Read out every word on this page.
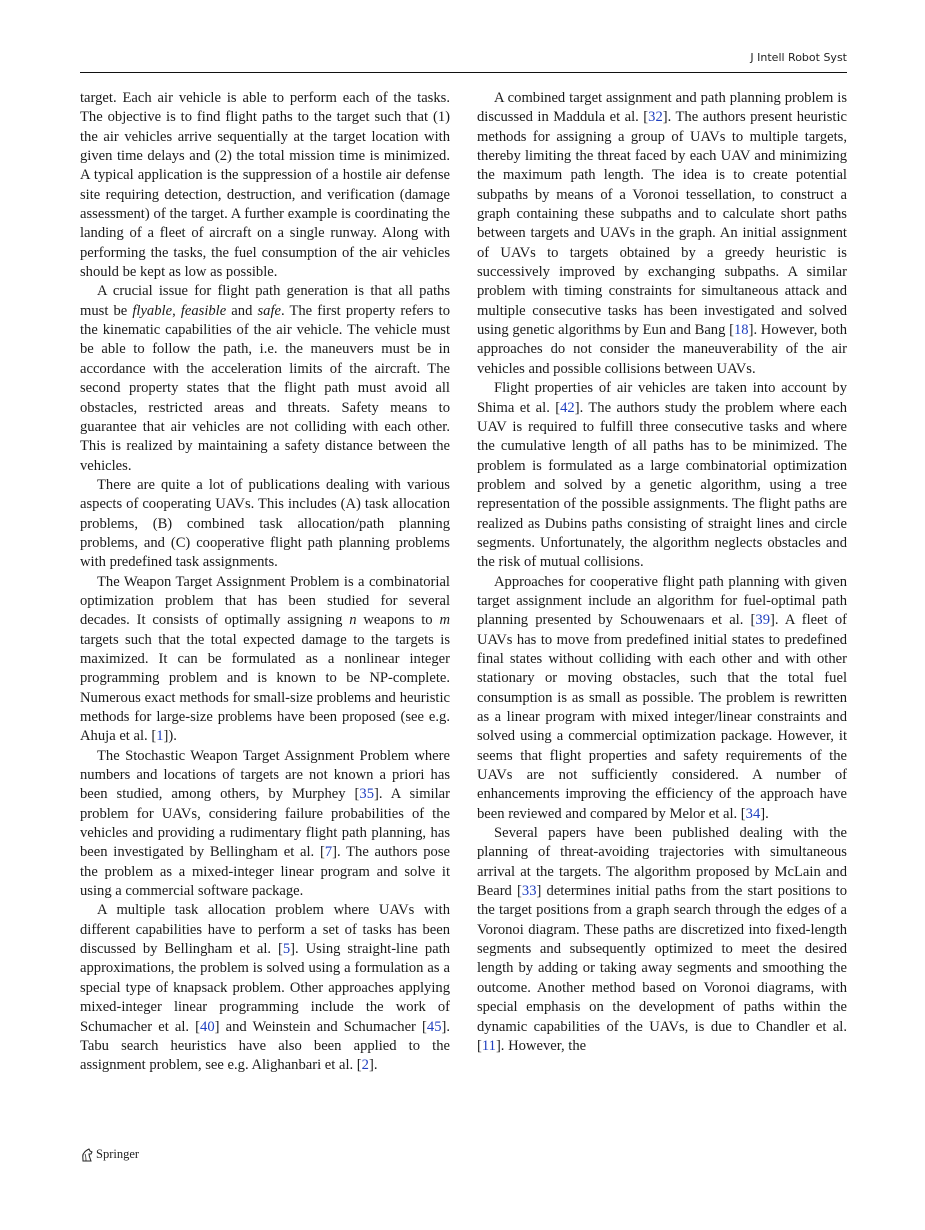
J Intell Robot Syst

target. Each air vehicle is able to perform each of the tasks. The objective is to find flight paths to the target such that (1) the air vehicles arrive sequentially at the target location with given time delays and (2) the total mission time is minimized. A typical application is the suppression of a hostile air defense site requiring detection, destruction, and verification (damage assessment) of the target. A further example is coordinating the landing of a fleet of aircraft on a single runway. Along with performing the tasks, the fuel consumption of the air vehicles should be kept as low as possible.

A crucial issue for flight path generation is that all paths must be flyable, feasible and safe. The first property refers to the kinematic capabilities of the air vehicle. The vehicle must be able to follow the path, i.e. the maneuvers must be in accordance with the acceleration limits of the aircraft. The second property states that the flight path must avoid all obstacles, restricted areas and threats. Safety means to guarantee that air vehicles are not colliding with each other. This is realized by maintaining a safety distance between the vehicles.

There are quite a lot of publications dealing with various aspects of cooperating UAVs. This includes (A) task allocation problems, (B) combined task allocation/path planning problems, and (C) cooperative flight path planning problems with predefined task assignments.

The Weapon Target Assignment Problem is a combinatorial optimization problem that has been studied for several decades. It consists of optimally assigning n weapons to m targets such that the total expected damage to the targets is maximized. It can be formulated as a nonlinear integer programming problem and is known to be NP-complete. Numerous exact methods for small-size problems and heuristic methods for large-size problems have been proposed (see e.g. Ahuja et al. [1]).

The Stochastic Weapon Target Assignment Problem where numbers and locations of targets are not known a priori has been studied, among others, by Murphey [35]. A similar problem for UAVs, considering failure probabilities of the vehicles and providing a rudimentary flight path planning, has been investigated by Bellingham et al. [7]. The authors pose the problem as a mixed-integer linear program and solve it using a commercial software package.

A multiple task allocation problem where UAVs with different capabilities have to perform a set of tasks has been discussed by Bellingham et al. [5]. Using straight-line path approximations, the problem is solved using a formulation as a special type of knapsack problem. Other approaches applying mixed-integer linear programming include the work of Schumacher et al. [40] and Weinstein and Schumacher [45]. Tabu search heuristics have also been applied to the assignment problem, see e.g. Alighanbari et al. [2].

A combined target assignment and path planning problem is discussed in Maddula et al. [32]. The authors present heuristic methods for assigning a group of UAVs to multiple targets, thereby limiting the threat faced by each UAV and minimizing the maximum path length. The idea is to create potential subpaths by means of a Voronoi tessellation, to construct a graph containing these subpaths and to calculate short paths between targets and UAVs in the graph. An initial assignment of UAVs to targets obtained by a greedy heuristic is successively improved by exchanging subpaths. A similar problem with timing constraints for simultaneous attack and multiple consecutive tasks has been investigated and solved using genetic algorithms by Eun and Bang [18]. However, both approaches do not consider the maneuverability of the air vehicles and possible collisions between UAVs.

Flight properties of air vehicles are taken into account by Shima et al. [42]. The authors study the problem where each UAV is required to fulfill three consecutive tasks and where the cumulative length of all paths has to be minimized. The problem is formulated as a large combinatorial optimization problem and solved by a genetic algorithm, using a tree representation of the possible assignments. The flight paths are realized as Dubins paths consisting of straight lines and circle segments. Unfortunately, the algorithm neglects obstacles and the risk of mutual collisions.

Approaches for cooperative flight path planning with given target assignment include an algorithm for fuel-optimal path planning presented by Schouwenaars et al. [39]. A fleet of UAVs has to move from predefined initial states to predefined final states without colliding with each other and with other stationary or moving obstacles, such that the total fuel consumption is as small as possible. The problem is rewritten as a linear program with mixed integer/linear constraints and solved using a commercial optimization package. However, it seems that flight properties and safety requirements of the UAVs are not sufficiently considered. A number of enhancements improving the efficiency of the approach have been reviewed and compared by Melor et al. [34].

Several papers have been published dealing with the planning of threat-avoiding trajectories with simultaneous arrival at the targets. The algorithm proposed by McLain and Beard [33] determines initial paths from the start positions to the target positions from a graph search through the edges of a Voronoi diagram. These paths are discretized into fixed-length segments and subsequently optimized to meet the desired length by adding or taking away segments and smoothing the outcome. Another method based on Voronoi diagrams, with special emphasis on the development of paths within the dynamic capabilities of the UAVs, is due to Chandler et al. [11]. However, the

Springer
